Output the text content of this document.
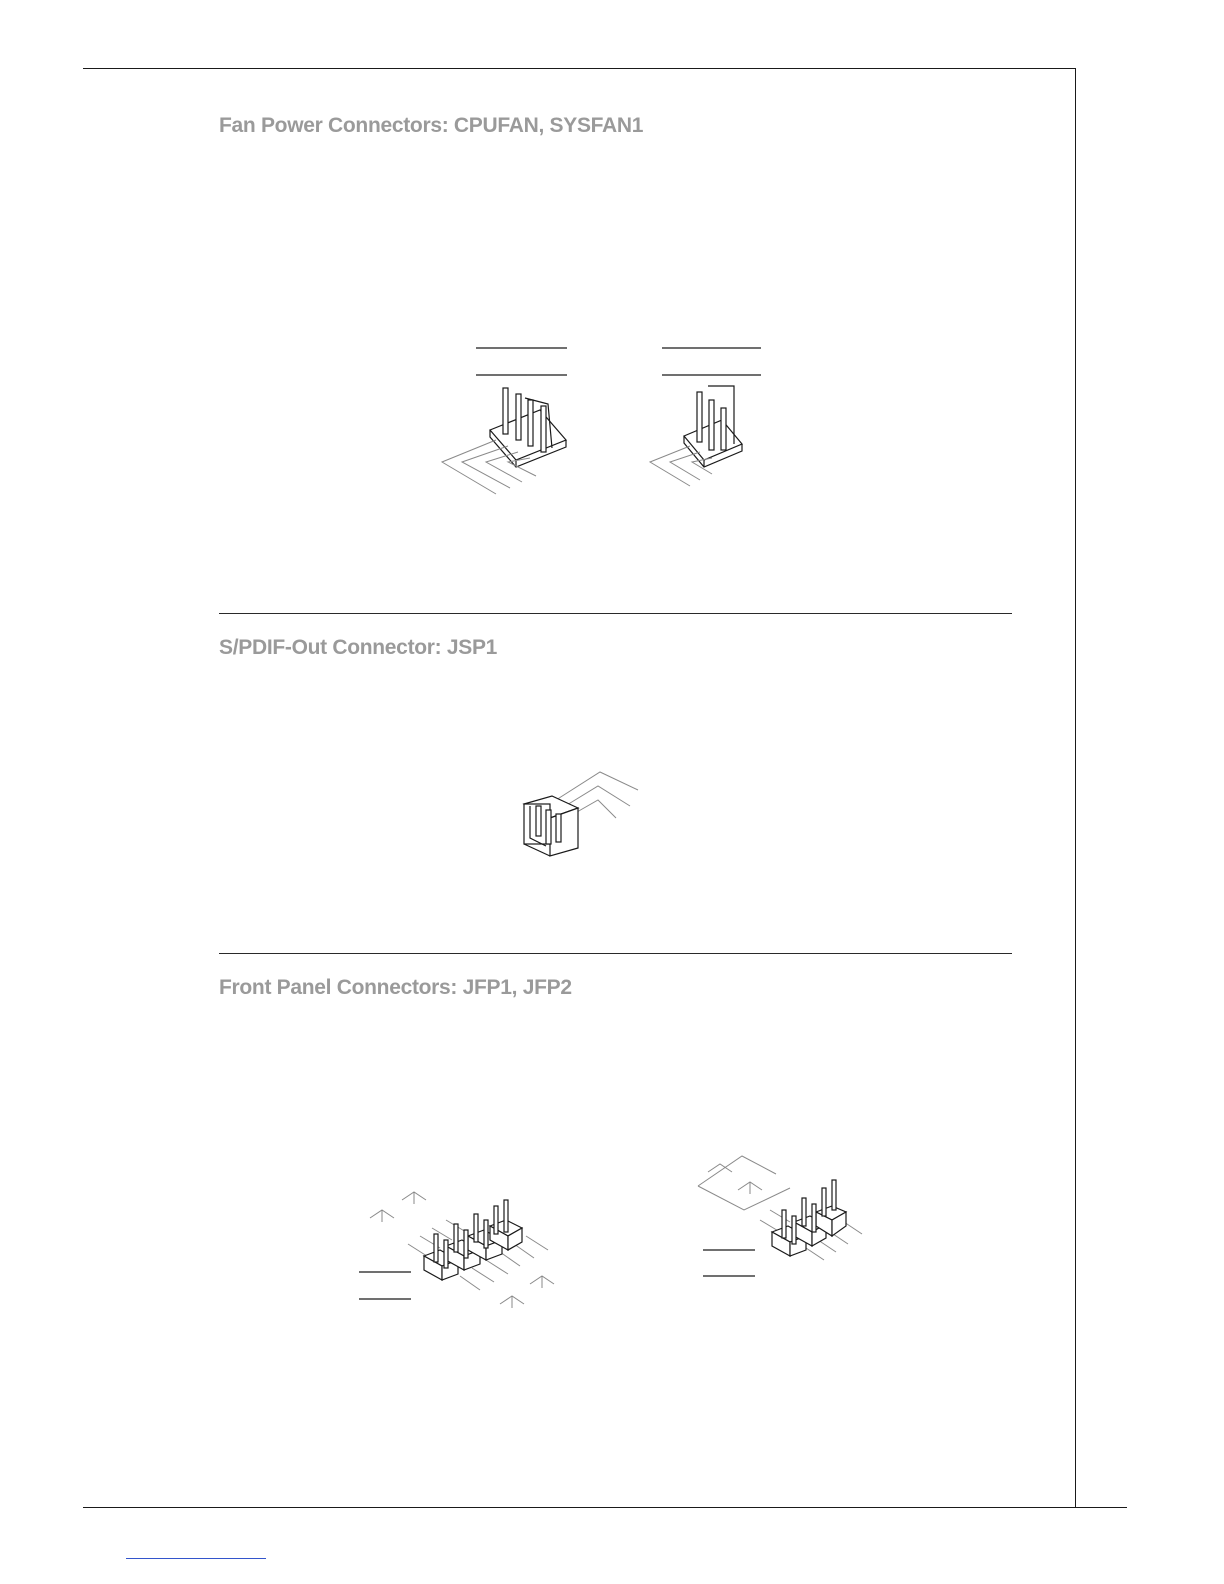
Fan Power Connectors: CPUFAN, SYSFAN1
S/PDIF-Out Connector: JSP1
Front Panel Connectors: JFP1, JFP2
